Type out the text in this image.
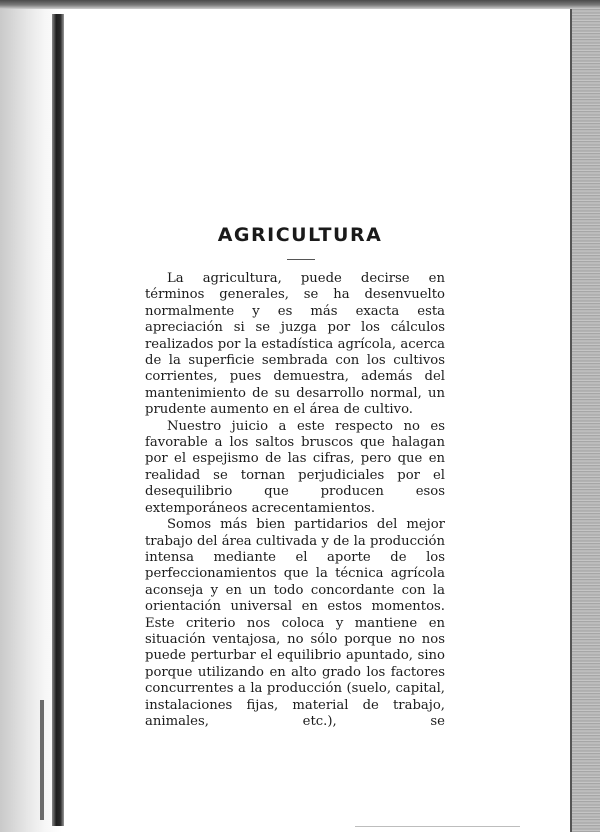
AGRICULTURA

La agricultura, puede decirse en términos generales, se ha desenvuelto normalmente y es más exacta esta apreciación si se juzga por los cálculos realizados por la estadística agrícola, acerca de la superficie sembrada con los cultivos corrientes, pues demuestra, además del mantenimiento de su desarrollo normal, un prudente aumento en el área de cultivo.

Nuestro juicio a este respecto no es favorable a los saltos bruscos que halagan por el espejismo de las cifras, pero que en realidad se tornan perjudiciales por el desequilibrio que producen esos extemporáneos acrecentamientos.

Somos más bien partidarios del mejor trabajo del área cultivada y de la producción intensa mediante el aporte de los perfeccionamientos que la técnica agrícola aconseja y en un todo concordante con la orientación universal en estos momentos. Este criterio nos coloca y mantiene en situación ventajosa, no sólo porque no nos puede perturbar el equilibrio apuntado, sino porque utilizando en alto grado los factores concurrentes a la producción (suelo, capital, instalaciones fijas, material de trabajo, animales, etc.), se
